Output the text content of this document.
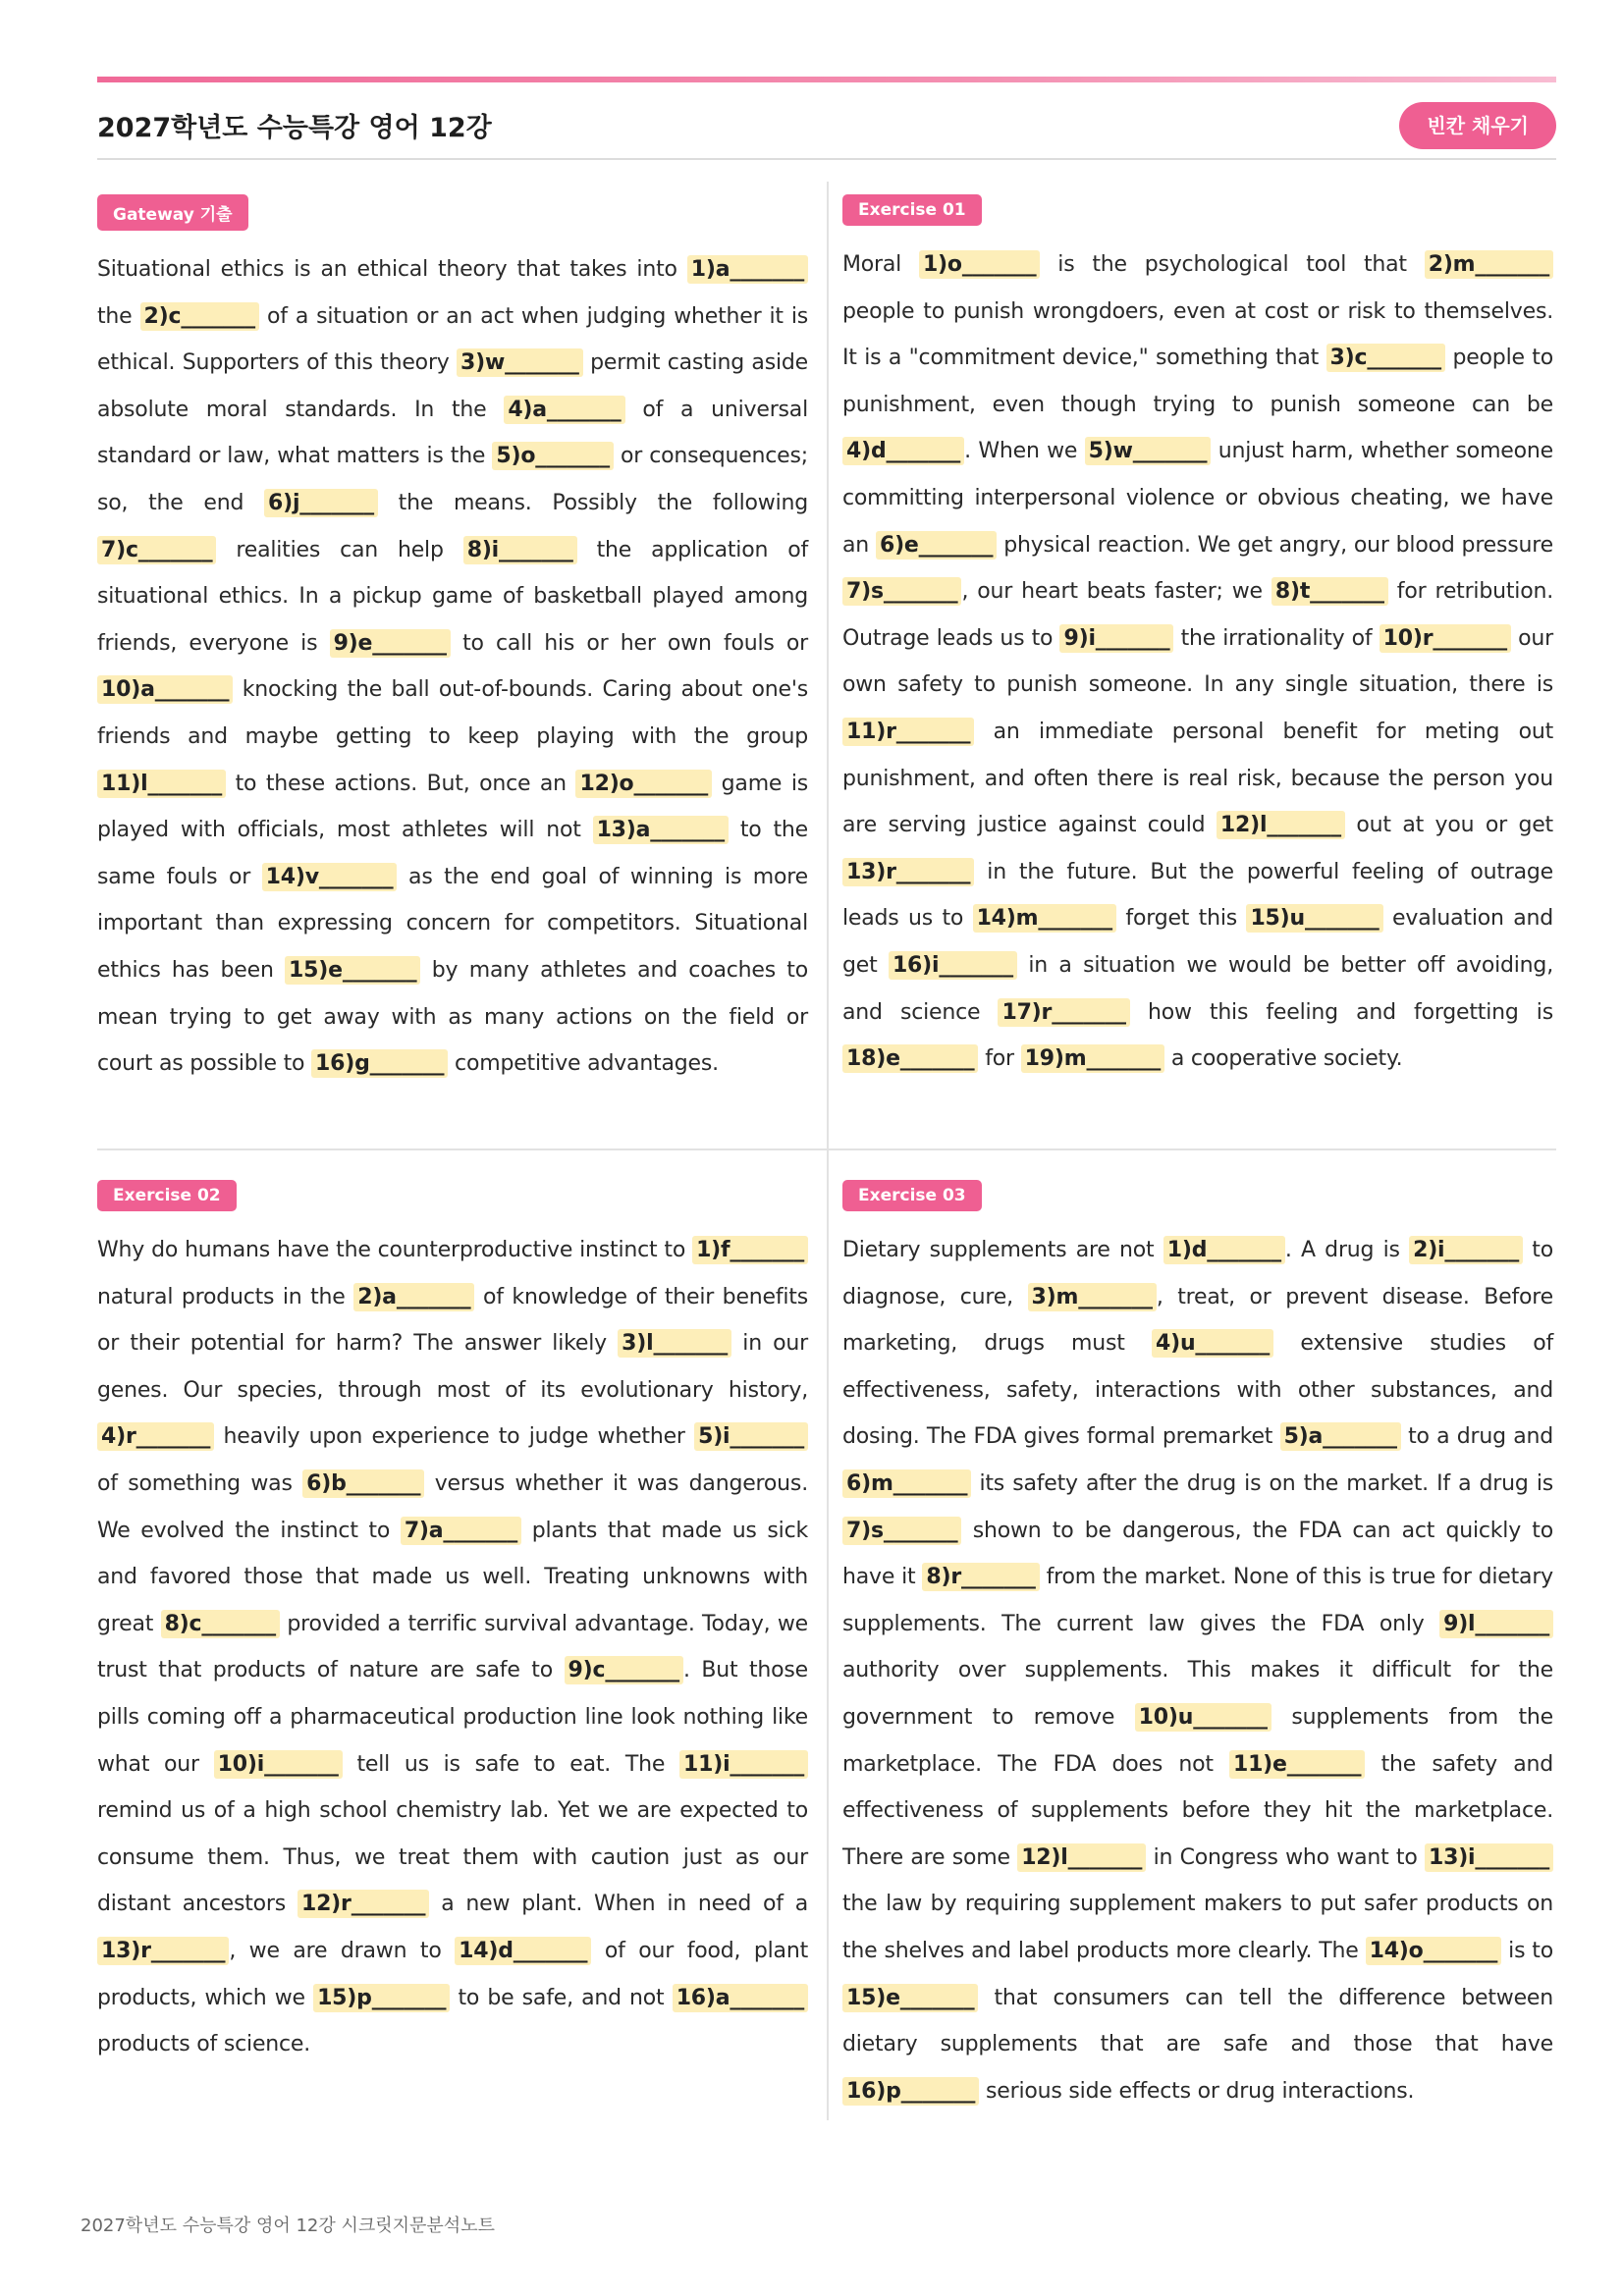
2027학년도 수능특강 영어 12강	빈칸 채우기
Gateway 기출
Situational ethics is an ethical theory that takes into 1)a_______ the 2)c_______ of a situation or an act when judging whether it is ethical. Supporters of this theory 3)w_______ permit casting aside absolute moral standards. In the 4)a_______ of a universal standard or law, what matters is the 5)o_______ or consequences; so, the end 6)j_______ the means. Possibly the following 7)c_______ realities can help 8)i_______ the application of situational ethics. In a pickup game of basketball played among friends, everyone is 9)e_______ to call his or her own fouls or 10)a_______ knocking the ball out-of-bounds. Caring about one's friends and maybe getting to keep playing with the group 11)l_______ to these actions. But, once an 12)o_______ game is played with officials, most athletes will not 13)a_______ to the same fouls or 14)v_______ as the end goal of winning is more important than expressing concern for competitors. Situational ethics has been 15)e_______ by many athletes and coaches to mean trying to get away with as many actions on the field or court as possible to 16)g_______ competitive advantages.
Exercise 01
Moral 1)o_______ is the psychological tool that 2)m_______ people to punish wrongdoers, even at cost or risk to themselves. It is a "commitment device," something that 3)c_______ people to punishment, even though trying to punish someone can be 4)d_______ . When we 5)w_______ unjust harm, whether someone committing interpersonal violence or obvious cheating, we have an 6)e_______ physical reaction. We get angry, our blood pressure 7)s_______ , our heart beats faster; we 8)t_______ for retribution. Outrage leads us to 9)i_______ the irrationality of 10)r_______ our own safety to punish someone. In any single situation, there is 11)r_______ an immediate personal benefit for meting out punishment, and often there is real risk, because the person you are serving justice against could 12)l_______ out at you or get 13)r_______ in the future. But the powerful feeling of outrage leads us to 14)m_______ forget this 15)u_______ evaluation and get 16)i_______ in a situation we would be better off avoiding, and science 17)r_______ how this feeling and forgetting is 18)e_______ for 19)m_______ a cooperative society.
Exercise 02
Why do humans have the counterproductive instinct to 1)f_______ natural products in the 2)a_______ of knowledge of their benefits or their potential for harm? The answer likely 3)l_______ in our genes. Our species, through most of its evolutionary history, 4)r_______ heavily upon experience to judge whether 5)i_______ of something was 6)b_______ versus whether it was dangerous. We evolved the instinct to 7)a_______ plants that made us sick and favored those that made us well. Treating unknowns with great 8)c_______ provided a terrific survival advantage. Today, we trust that products of nature are safe to 9)c_______ . But those pills coming off a pharmaceutical production line look nothing like what our 10)i_______ tell us is safe to eat. The 11)i_______ remind us of a high school chemistry lab. Yet we are expected to consume them. Thus, we treat them with caution just as our distant ancestors 12)r_______ a new plant. When in need of a 13)r_______ , we are drawn to 14)d_______ of our food, plant products, which we 15)p_______ to be safe, and not 16)a_______ products of science.
Exercise 03
Dietary supplements are not 1)d_______ . A drug is 2)i_______ to diagnose, cure, 3)m_______ , treat, or prevent disease. Before marketing, drugs must 4)u_______ extensive studies of effectiveness, safety, interactions with other substances, and dosing. The FDA gives formal premarket 5)a_______ to a drug and 6)m_______ its safety after the drug is on the market. If a drug is 7)s_______ shown to be dangerous, the FDA can act quickly to have it 8)r_______ from the market. None of this is true for dietary supplements. The current law gives the FDA only 9)l_______ authority over supplements. This makes it difficult for the government to remove 10)u_______ supplements from the marketplace. The FDA does not 11)e_______ the safety and effectiveness of supplements before they hit the marketplace. There are some 12)l_______ in Congress who want to 13)i_______ the law by requiring supplement makers to put safer products on the shelves and label products more clearly. The 14)o_______ is to 15)e_______ that consumers can tell the difference between dietary supplements that are safe and those that have 16)p_______ serious side effects or drug interactions.
2027학년도 수능특강 영어 12강 시크릿지문분석노트
